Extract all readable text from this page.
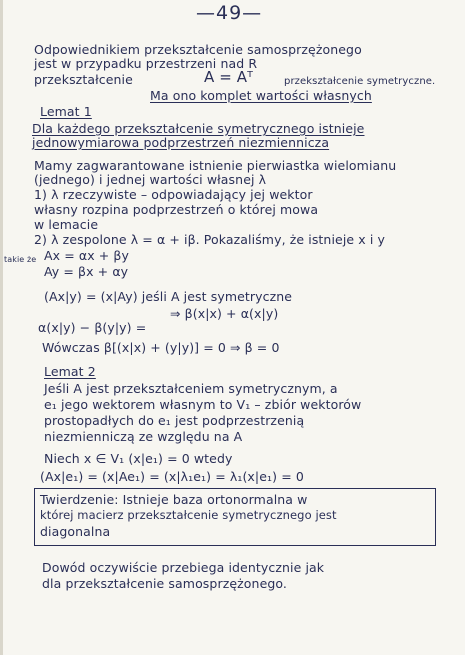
—49—
Odpowiednikiem przekształcenie samosprzężonego
jest w przypadku przestrzeni nad R
przekształcenie	A = Aᵀ	przekształcenie symetryczne.
Ma ono komplet wartości własnych
Lemat 1
Dla każdego przekształcenie symetrycznego istnieje
jednowymiarowa podprzestrzeń niezmiennicza
Mamy zagwarantowane istnienie pierwiastka wielomianu
(jednego) i jednej wartości własnej λ
1) λ rzeczywiste – odpowiadający jej wektor
własny rozpina podprzestrzeń o której mowa
w lemacie
2) λ zespolone λ = α + iβ. Pokazaliśmy, że istnieje x i y
takie że Ax = αx + βy
Ay = βx + αy
(Ax|y) = (x|Ay) jeśli A jest symetryczne
⇒ β(x|x) + α(x|y)
α(x|y) − β(y|y) =
Wówczas β[(x|x) + (y|y)] = 0 ⇒ β = 0
Lemat 2
Jeśli A jest przekształceniem symetrycznym, a
e₁ jego wektorem własnym to V₁ – zbiór wektorów
prostopadłych do e₁ jest podprzestrzenią
niezmienniczą ze względu na A
Niech x ∈ V₁ (x|e₁) = 0 wtedy
(Ax|e₁) = (x|Ae₁) = (x|λ₁e₁) = λ₁(x|e₁) = 0
Twierdzenie: Istnieje baza ortonormalna w
której macierz przekształcenie symetrycznego jest
diagonalna
Dowód oczywiście przebiega identycznie jak
dla przekształcenie samosprzężonego.
